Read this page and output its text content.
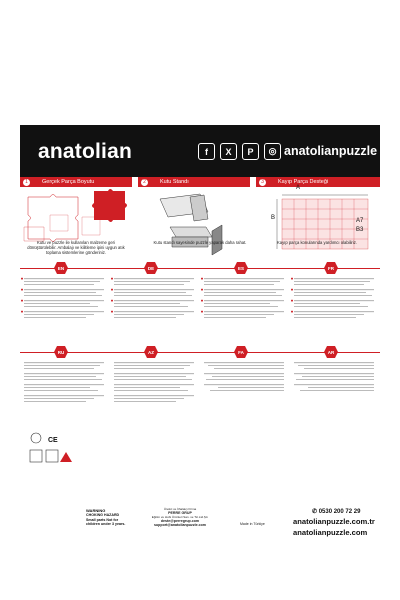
anatolian	f	X	P	◎ anatolianpuzzle
1	Gerçek Parça Boyutu	2	Kutu Standı	3	Kayıp Parça Desteği
A
B	A7
B3
Kutu ve puzzle ile kullanılan malzeme geri dönüştürülebilir. Ambalajı ve kilitleme ipini uygun atık toplama sistemlerine gönderiniz.
Kutu standı sayesinde puzzle yaparak daha rahat.	Kayıp parça konularında yardımcı olabiliriz.
EN	DE	ES	FR
RU	AZ	FA	AR
CE
WARNING
CHOKING HAZARD
Small parts Not for
children under 3 years.
Üretici ve İthalatçı Firma
PERRE GRUP
Eğitim ve Hobi Ürünleri San. ve Tic.Ltd.Şti.
deste@perregrup.com
support@anatolianpuzzle.com	Made in Türkiye
✆ 0530 200 72 29
anatolianpuzzle.com.tr
anatolianpuzzle.com
